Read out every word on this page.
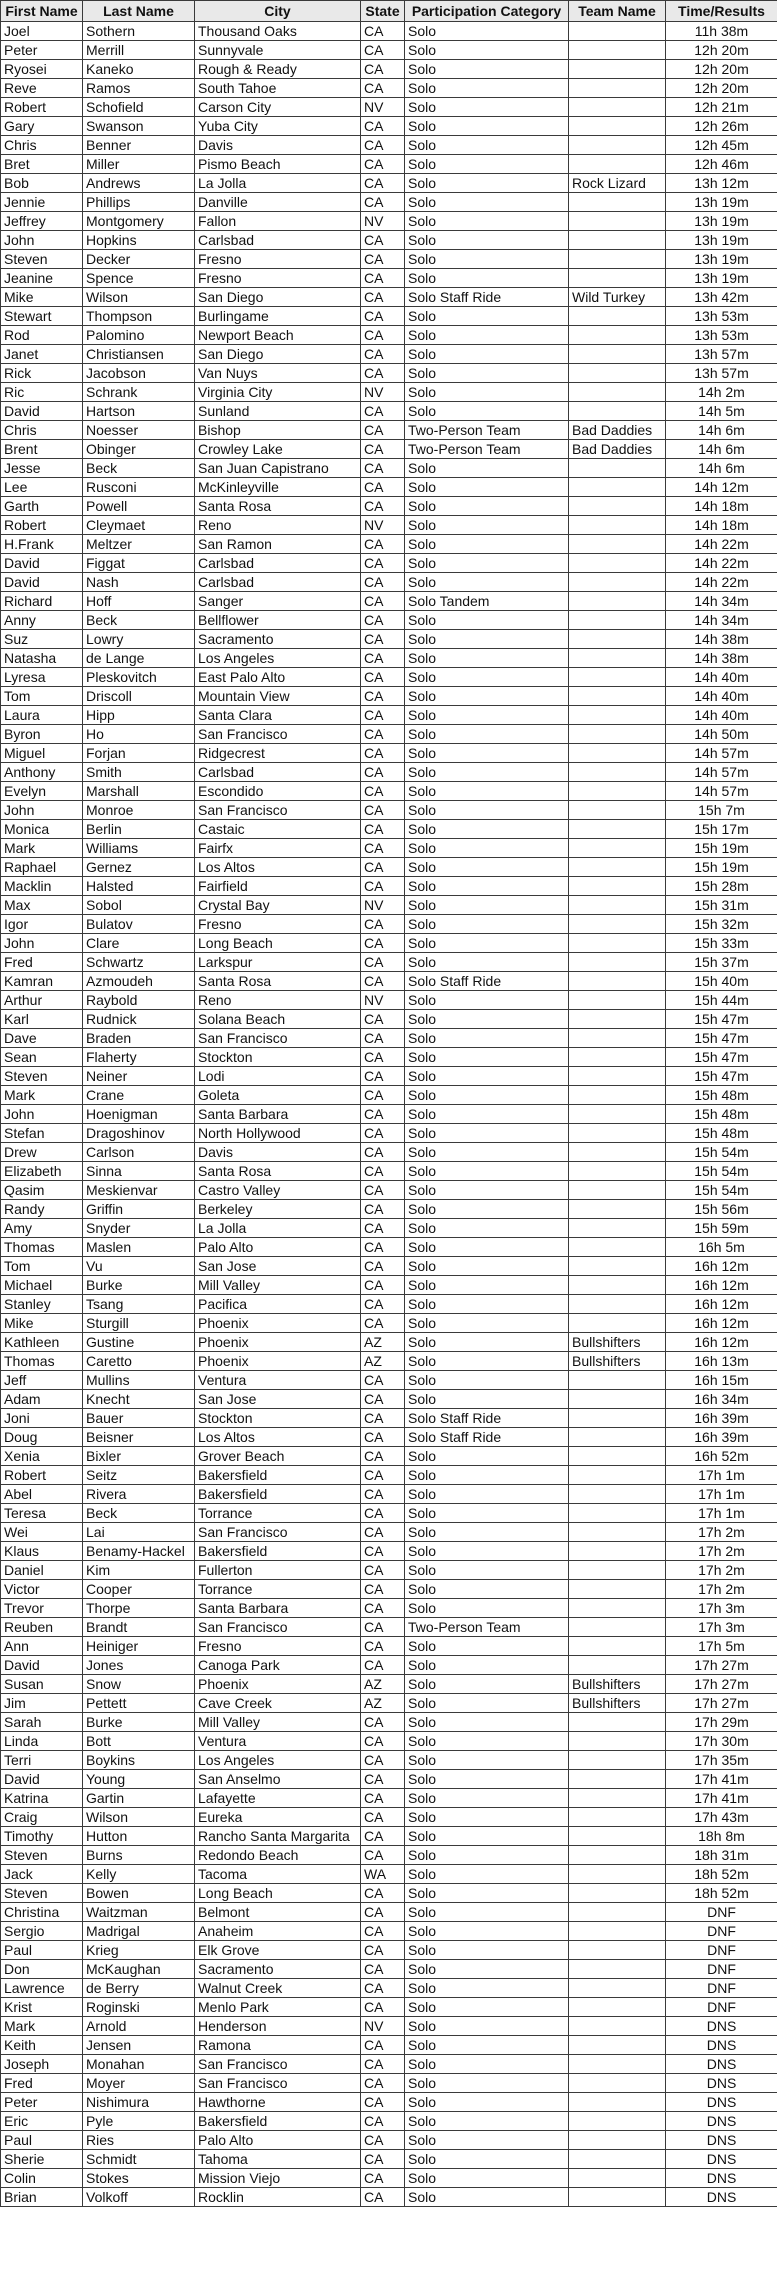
First Name	Last Name	City	State	Participation Category	Team Name	Time/Results
Joel	Sothern	Thousand Oaks	CA	Solo		11h 38m
Peter	Merrill	Sunnyvale	CA	Solo		12h 20m
Ryosei	Kaneko	Rough & Ready	CA	Solo		12h 20m
Reve	Ramos	South Tahoe	CA	Solo		12h 20m
Robert	Schofield	Carson City	NV	Solo		12h 21m
Gary	Swanson	Yuba City	CA	Solo		12h 26m
Chris	Benner	Davis	CA	Solo		12h 45m
Bret	Miller	Pismo Beach	CA	Solo		12h 46m
Bob	Andrews	La Jolla	CA	Solo	Rock Lizard	13h 12m
Jennie	Phillips	Danville	CA	Solo		13h 19m
Jeffrey	Montgomery	Fallon	NV	Solo		13h 19m
John	Hopkins	Carlsbad	CA	Solo		13h 19m
Steven	Decker	Fresno	CA	Solo		13h 19m
Jeanine	Spence	Fresno	CA	Solo		13h 19m
Mike	Wilson	San Diego	CA	Solo Staff Ride	Wild Turkey	13h 42m
Stewart	Thompson	Burlingame	CA	Solo		13h 53m
Rod	Palomino	Newport Beach	CA	Solo		13h 53m
Janet	Christiansen	San Diego	CA	Solo		13h 57m
Rick	Jacobson	Van Nuys	CA	Solo		13h 57m
Ric	Schrank	Virginia City	NV	Solo		14h 2m
David	Hartson	Sunland	CA	Solo		14h 5m
Chris	Noesser	Bishop	CA	Two-Person Team	Bad Daddies	14h 6m
Brent	Obinger	Crowley Lake	CA	Two-Person Team	Bad Daddies	14h 6m
Jesse	Beck	San Juan Capistrano	CA	Solo		14h 6m
Lee	Rusconi	McKinleyville	CA	Solo		14h 12m
Garth	Powell	Santa Rosa	CA	Solo		14h 18m
Robert	Cleymaet	Reno	NV	Solo		14h 18m
H.Frank	Meltzer	San Ramon	CA	Solo		14h 22m
David	Figgat	Carlsbad	CA	Solo		14h 22m
David	Nash	Carlsbad	CA	Solo		14h 22m
Richard	Hoff	Sanger	CA	Solo Tandem		14h 34m
Anny	Beck	Bellflower	CA	Solo		14h 34m
Suz	Lowry	Sacramento	CA	Solo		14h 38m
Natasha	de Lange	Los Angeles	CA	Solo		14h 38m
Lyresa	Pleskovitch	East Palo Alto	CA	Solo		14h 40m
Tom	Driscoll	Mountain View	CA	Solo		14h 40m
Laura	Hipp	Santa Clara	CA	Solo		14h 40m
Byron	Ho	San Francisco	CA	Solo		14h 50m
Miguel	Forjan	Ridgecrest	CA	Solo		14h 57m
Anthony	Smith	Carlsbad	CA	Solo		14h 57m
Evelyn	Marshall	Escondido	CA	Solo		14h 57m
John	Monroe	San Francisco	CA	Solo		15h 7m
Monica	Berlin	Castaic	CA	Solo		15h 17m
Mark	Williams	Fairfx	CA	Solo		15h 19m
Raphael	Gernez	Los Altos	CA	Solo		15h 19m
Macklin	Halsted	Fairfield	CA	Solo		15h 28m
Max	Sobol	Crystal Bay	NV	Solo		15h 31m
Igor	Bulatov	Fresno	CA	Solo		15h 32m
John	Clare	Long Beach	CA	Solo		15h 33m
Fred	Schwartz	Larkspur	CA	Solo		15h 37m
Kamran	Azmoudeh	Santa Rosa	CA	Solo Staff Ride		15h 40m
Arthur	Raybold	Reno	NV	Solo		15h 44m
Karl	Rudnick	Solana Beach	CA	Solo		15h 47m
Dave	Braden	San Francisco	CA	Solo		15h 47m
Sean	Flaherty	Stockton	CA	Solo		15h 47m
Steven	Neiner	Lodi	CA	Solo		15h 47m
Mark	Crane	Goleta	CA	Solo		15h 48m
John	Hoenigman	Santa Barbara	CA	Solo		15h 48m
Stefan	Dragoshinov	North Hollywood	CA	Solo		15h 48m
Drew	Carlson	Davis	CA	Solo		15h 54m
Elizabeth	Sinna	Santa Rosa	CA	Solo		15h 54m
Qasim	Meskienvar	Castro Valley	CA	Solo		15h 54m
Randy	Griffin	Berkeley	CA	Solo		15h 56m
Amy	Snyder	La Jolla	CA	Solo		15h 59m
Thomas	Maslen	Palo Alto	CA	Solo		16h 5m
Tom	Vu	San Jose	CA	Solo		16h 12m
Michael	Burke	Mill Valley	CA	Solo		16h 12m
Stanley	Tsang	Pacifica	CA	Solo		16h 12m
Mike	Sturgill	Phoenix	CA	Solo		16h 12m
Kathleen	Gustine	Phoenix	AZ	Solo	Bullshifters	16h 12m
Thomas	Caretto	Phoenix	AZ	Solo	Bullshifters	16h 13m
Jeff	Mullins	Ventura	CA	Solo		16h 15m
Adam	Knecht	San Jose	CA	Solo		16h 34m
Joni	Bauer	Stockton	CA	Solo Staff Ride		16h 39m
Doug	Beisner	Los Altos	CA	Solo Staff Ride		16h 39m
Xenia	Bixler	Grover Beach	CA	Solo		16h 52m
Robert	Seitz	Bakersfield	CA	Solo		17h 1m
Abel	Rivera	Bakersfield	CA	Solo		17h 1m
Teresa	Beck	Torrance	CA	Solo		17h 1m
Wei	Lai	San Francisco	CA	Solo		17h 2m
Klaus	Benamy-Hackel	Bakersfield	CA	Solo		17h 2m
Daniel	Kim	Fullerton	CA	Solo		17h 2m
Victor	Cooper	Torrance	CA	Solo		17h 2m
Trevor	Thorpe	Santa Barbara	CA	Solo		17h 3m
Reuben	Brandt	San Francisco	CA	Two-Person Team		17h 3m
Ann	Heiniger	Fresno	CA	Solo		17h 5m
David	Jones	Canoga Park	CA	Solo		17h 27m
Susan	Snow	Phoenix	AZ	Solo	Bullshifters	17h 27m
Jim	Pettett	Cave Creek	AZ	Solo	Bullshifters	17h 27m
Sarah	Burke	Mill Valley	CA	Solo		17h 29m
Linda	Bott	Ventura	CA	Solo		17h 30m
Terri	Boykins	Los Angeles	CA	Solo		17h 35m
David	Young	San Anselmo	CA	Solo		17h 41m
Katrina	Gartin	Lafayette	CA	Solo		17h 41m
Craig	Wilson	Eureka	CA	Solo		17h 43m
Timothy	Hutton	Rancho Santa Margarita	CA	Solo		18h 8m
Steven	Burns	Redondo Beach	CA	Solo		18h 31m
Jack	Kelly	Tacoma	WA	Solo		18h 52m
Steven	Bowen	Long Beach	CA	Solo		18h 52m
Christina	Waitzman	Belmont	CA	Solo		DNF
Sergio	Madrigal	Anaheim	CA	Solo		DNF
Paul	Krieg	Elk Grove	CA	Solo		DNF
Don	McKaughan	Sacramento	CA	Solo		DNF
Lawrence	de Berry	Walnut Creek	CA	Solo		DNF
Krist	Roginski	Menlo Park	CA	Solo		DNF
Mark	Arnold	Henderson	NV	Solo		DNS
Keith	Jensen	Ramona	CA	Solo		DNS
Joseph	Monahan	San Francisco	CA	Solo		DNS
Fred	Moyer	San Francisco	CA	Solo		DNS
Peter	Nishimura	Hawthorne	CA	Solo		DNS
Eric	Pyle	Bakersfield	CA	Solo		DNS
Paul	Ries	Palo Alto	CA	Solo		DNS
Sherie	Schmidt	Tahoma	CA	Solo		DNS
Colin	Stokes	Mission Viejo	CA	Solo		DNS
Brian	Volkoff	Rocklin	CA	Solo		DNS
